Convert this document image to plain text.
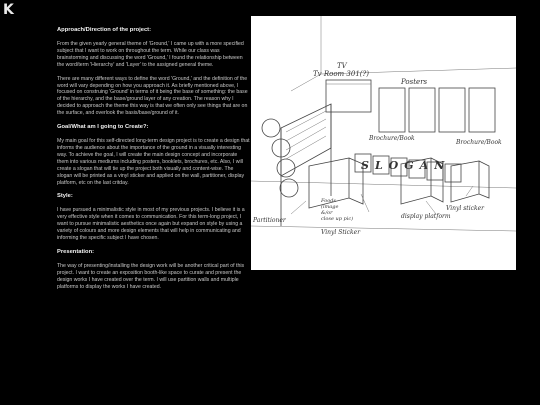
K
Approach/Direction of the project:

From the given yearly general theme of 'Ground,' I came up with a more specified subject that I want to work on throughout the term. While our class was brainstorming and discussing the word 'Ground,' I found the relationship between the word/term 'Hierarchy' and 'Layer' to the assigned general theme.

There are many different ways to define the word 'Ground,' and the definition of the word will vary depending on how you approach it. As briefly mentioned above, I focused on construing 'Ground' in terms of it being the base of something: the base of the hierarchy, and the base/ground layer of any creation. The reason why I decided to approach the theme this way is that we often only see things that are on the surface, and overlook the basis/base/ground of it.

Goal/What am I going to Create?:

My main goal for this self-directed long-term design project is to create a design that informs the audience about the importance of the ground in a visually interesting way. To achieve the goal, I will create the main design concept and incorporate them into various mediums including posters, booklets, brochures, etc. Also, I will create a slogan that will tie up the project both visually and content-wise. The slogan will be printed as a vinyl sticker and applied on the wall, partitioner, display platform, etc on the last critday.

Style:

I have pursued a minimalistic style in most of my previous projects. I believe it is a very effective style when it comes to communication. For this term-long project, I want to pursue minimalistic aesthetics once again but expand on style by using a variety of colours and more design elements that will help in communicating and informing the specific subject I have chosen.

Presentation:

The way of presenting/installing the design work will be another critical part of this project. I want to create an exposition booth-like space to curate and present the design works I have created over the term. I will use partition walls and multiple platforms to display the works I have created.

Tv Room 301(?)
TV
Posters
Brochure/Book
Brochure/Book
SLOGAN
Partitioner
Vinyl Sticker
Vinyl sticker
display platform
Foods
(image
&/or
close up pic)
